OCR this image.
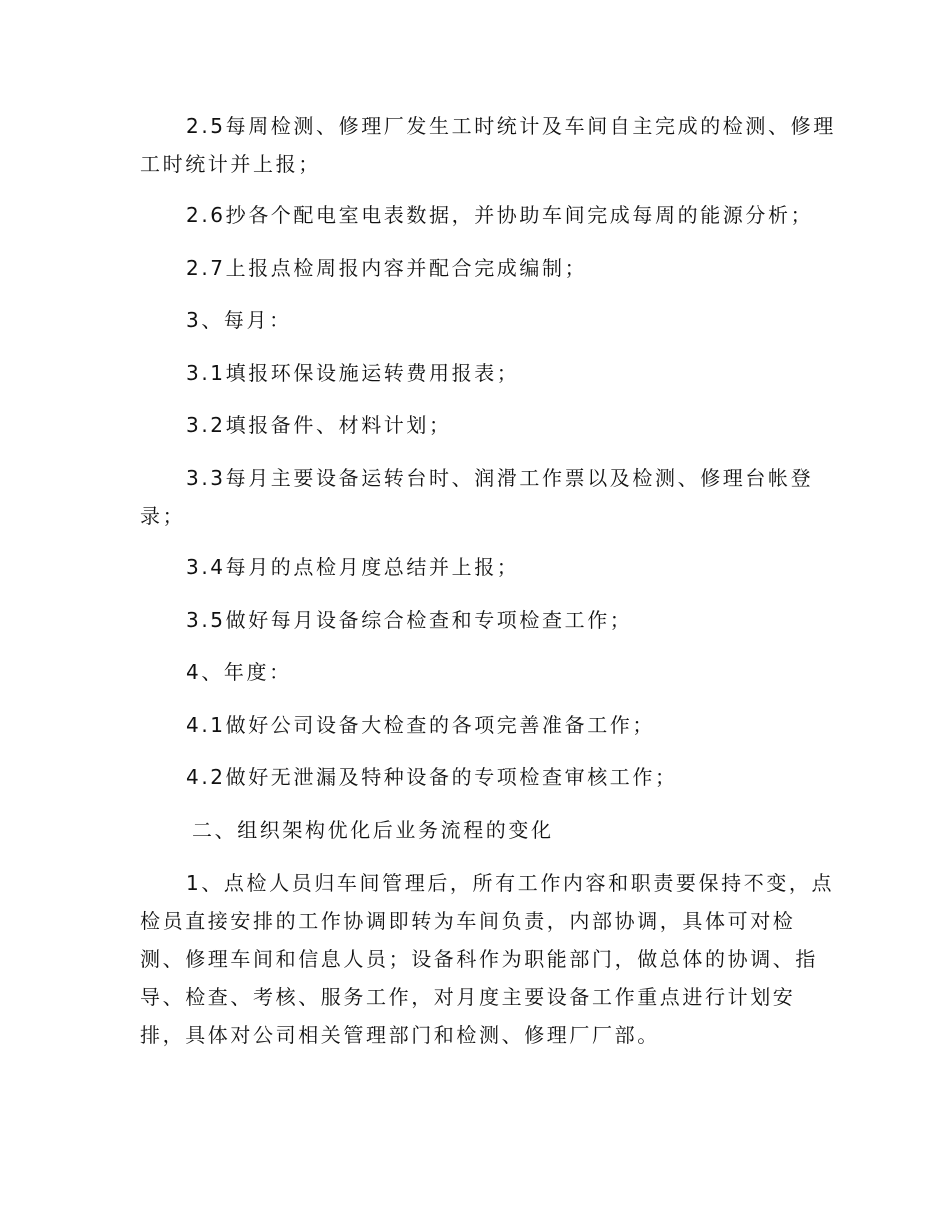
2.5每周检测、修理厂发生工时统计及车间自主完成的检测、修理
工时统计并上报；

2.6抄各个配电室电表数据，并协助车间完成每周的能源分析；

2.7上报点检周报内容并配合完成编制；

3、每月：

3.1填报环保设施运转费用报表；

3.2填报备件、材料计划；

3.3每月主要设备运转台时、润滑工作票以及检测、修理台帐登
录；

3.4每月的点检月度总结并上报；

3.5做好每月设备综合检查和专项检查工作；

4、年度：

4.1做好公司设备大检查的各项完善准备工作；

4.2做好无泄漏及特种设备的专项检查审核工作；

二、组织架构优化后业务流程的变化

1、点检人员归车间管理后，所有工作内容和职责要保持不变，点
检员直接安排的工作协调即转为车间负责，内部协调，具体可对检
测、修理车间和信息人员；设备科作为职能部门，做总体的协调、指
导、检查、考核、服务工作，对月度主要设备工作重点进行计划安
排，具体对公司相关管理部门和检测、修理厂厂部。
